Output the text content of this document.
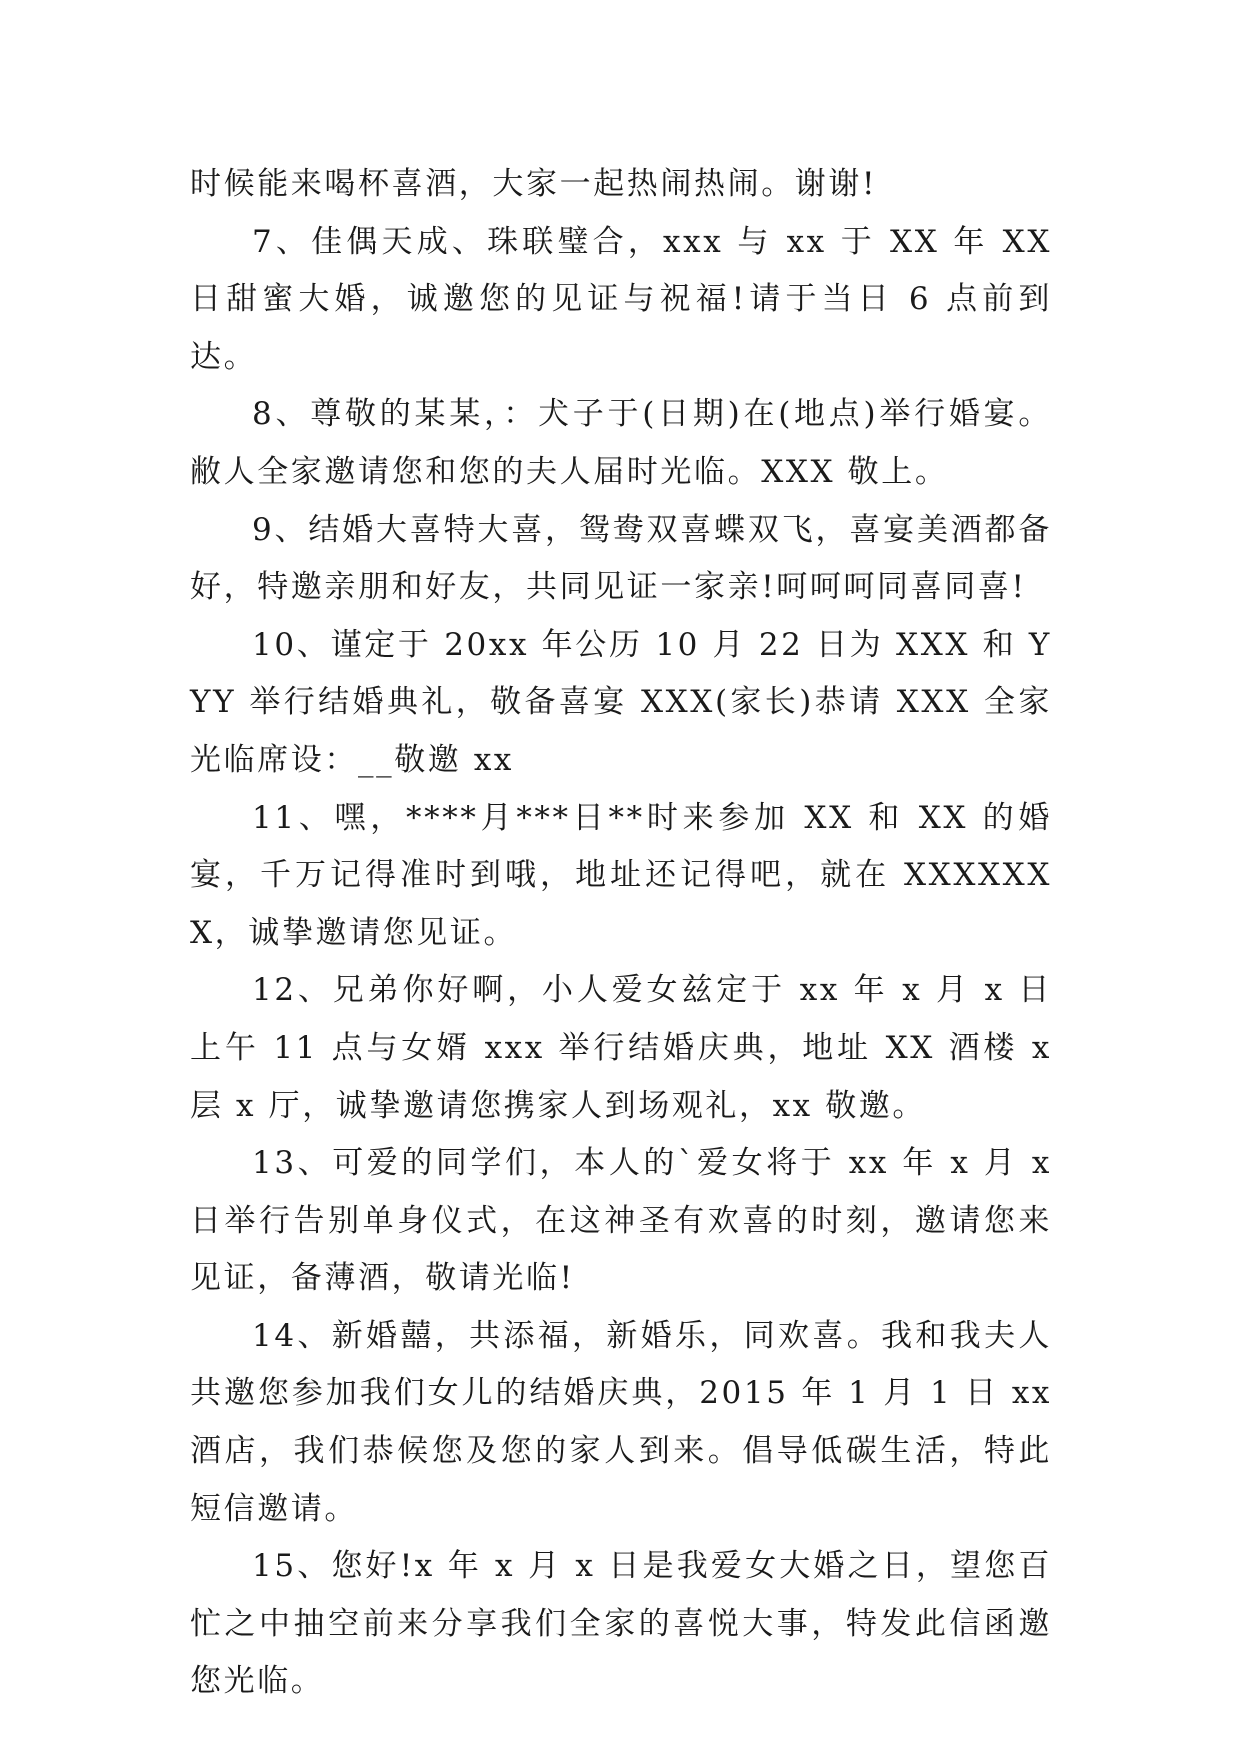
时候能来喝杯喜酒，大家一起热闹热闹。谢谢!

7、佳偶天成、珠联璧合，xxx 与 xx 于 XX 年 XX 日甜蜜大婚，诚邀您的见证与祝福!请于当日 6 点前到达。

8、尊敬的某某，：犬子于(日期)在(地点)举行婚宴。敝人全家邀请您和您的夫人届时光临。XXX 敬上。

9、结婚大喜特大喜，鸳鸯双喜蝶双飞，喜宴美酒都备好，特邀亲朋和好友，共同见证一家亲!呵呵呵同喜同喜!

10、谨定于 20xx 年公历 10 月 22 日为 XXX 和 YYY 举行结婚典礼，敬备喜宴 XXX(家长)恭请 XXX 全家光临席设：__敬邀 xx

11、嘿，****月***日**时来参加 XX 和 XX 的婚宴，千万记得准时到哦，地址还记得吧，就在 XXXXXXX，诚挚邀请您见证。

12、兄弟你好啊，小人爱女兹定于 xx 年 x 月 x 日上午 11 点与女婿 xxx 举行结婚庆典，地址 XX 酒楼 x 层 x 厅，诚挚邀请您携家人到场观礼，xx 敬邀。

13、可爱的同学们，本人的`爱女将于 xx 年 x 月 x 日举行告别单身仪式，在这神圣有欢喜的时刻，邀请您来见证，备薄酒，敬请光临!

14、新婚囍，共添福，新婚乐，同欢喜。我和我夫人共邀您参加我们女儿的结婚庆典，2015 年 1 月 1 日 xx 酒店，我们恭候您及您的家人到来。倡导低碳生活，特此短信邀请。

15、您好!x 年 x 月 x 日是我爱女大婚之日，望您百忙之中抽空前来分享我们全家的喜悦大事，特发此信函邀您光临。
